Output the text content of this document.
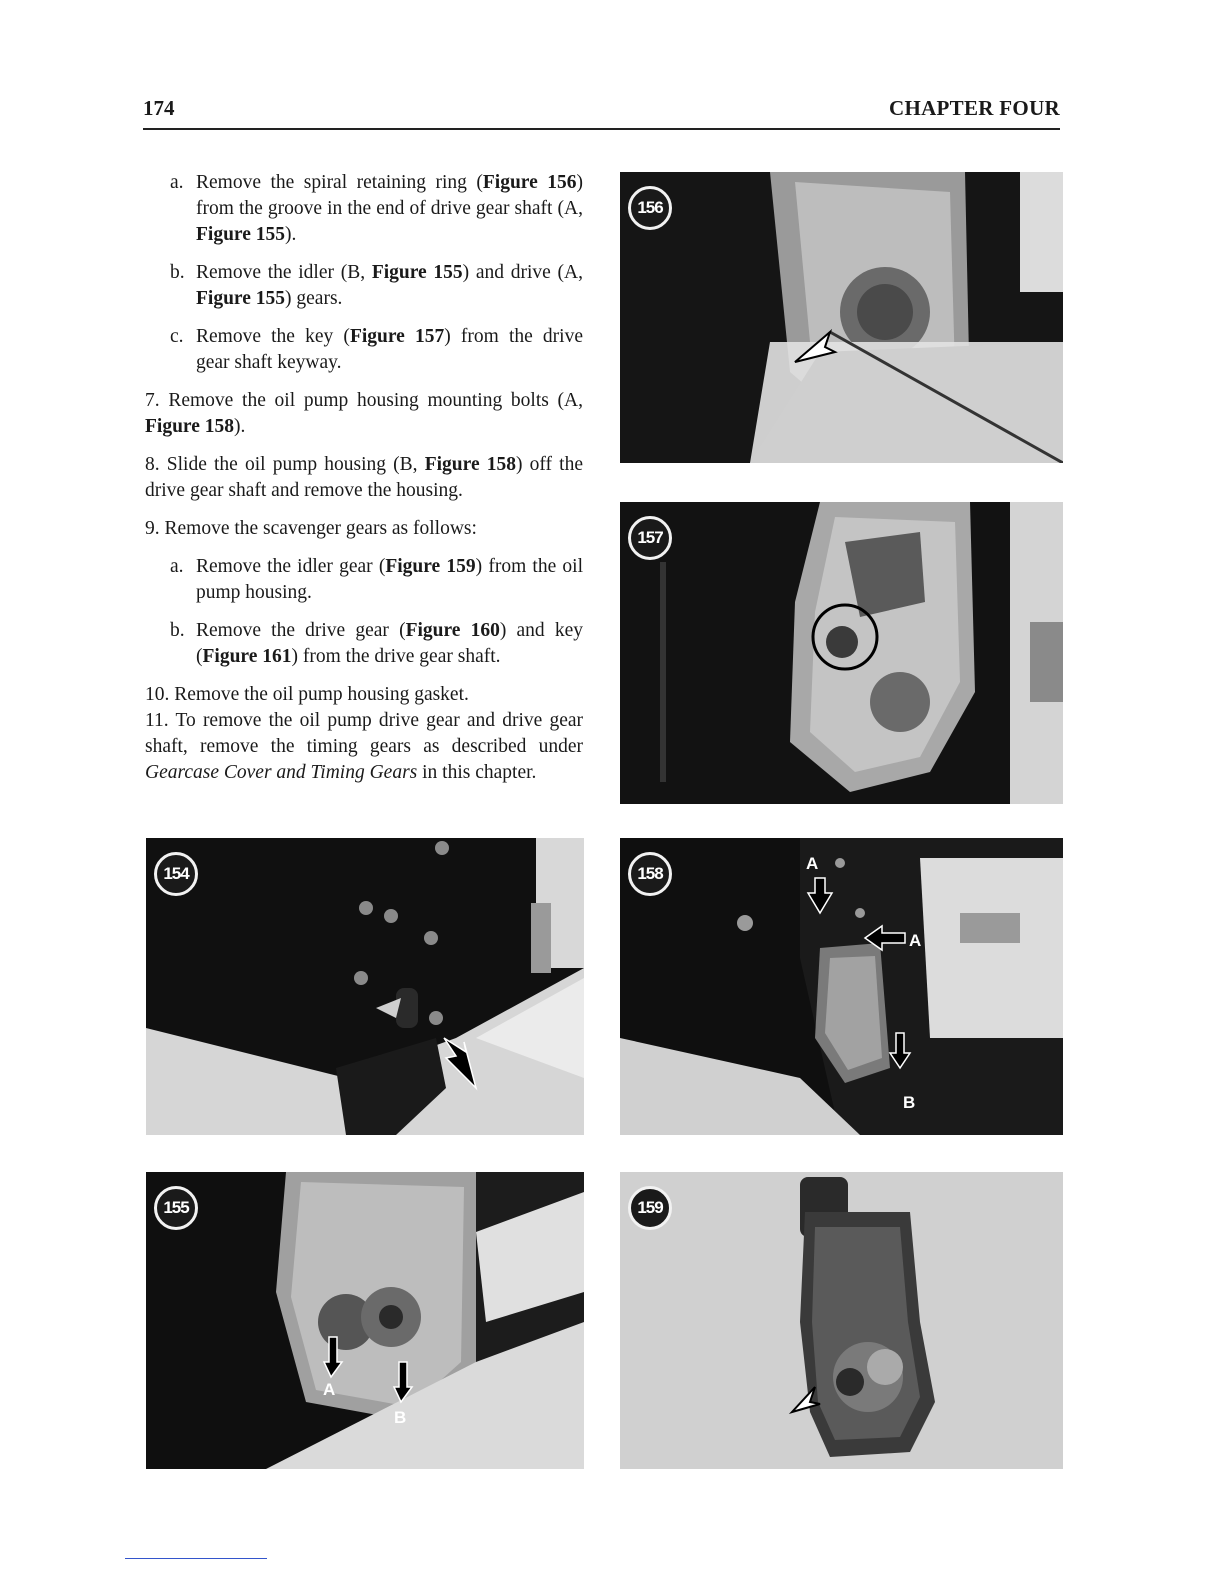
174	CHAPTER FOUR

a. Remove the spiral retaining ring (Figure 156) from the groove in the end of drive gear shaft (A, Figure 155).

b. Remove the idler (B, Figure 155) and drive (A, Figure 155) gears.

c. Remove the key (Figure 157) from the drive gear shaft keyway.

7. Remove the oil pump housing mounting bolts (A, Figure 158).

8. Slide the oil pump housing (B, Figure 158) off the drive gear shaft and remove the housing.

9. Remove the scavenger gears as follows:

a. Remove the idler gear (Figure 159) from the oil pump housing.

b. Remove the drive gear (Figure 160) and key (Figure 161) from the drive gear shaft.

10. Remove the oil pump housing gasket.

11. To remove the oil pump drive gear and drive gear shaft, remove the timing gears as described under Gearcase Cover and Timing Gears in this chapter.

156
157
154	158
A
A
B
155
A
B
159
